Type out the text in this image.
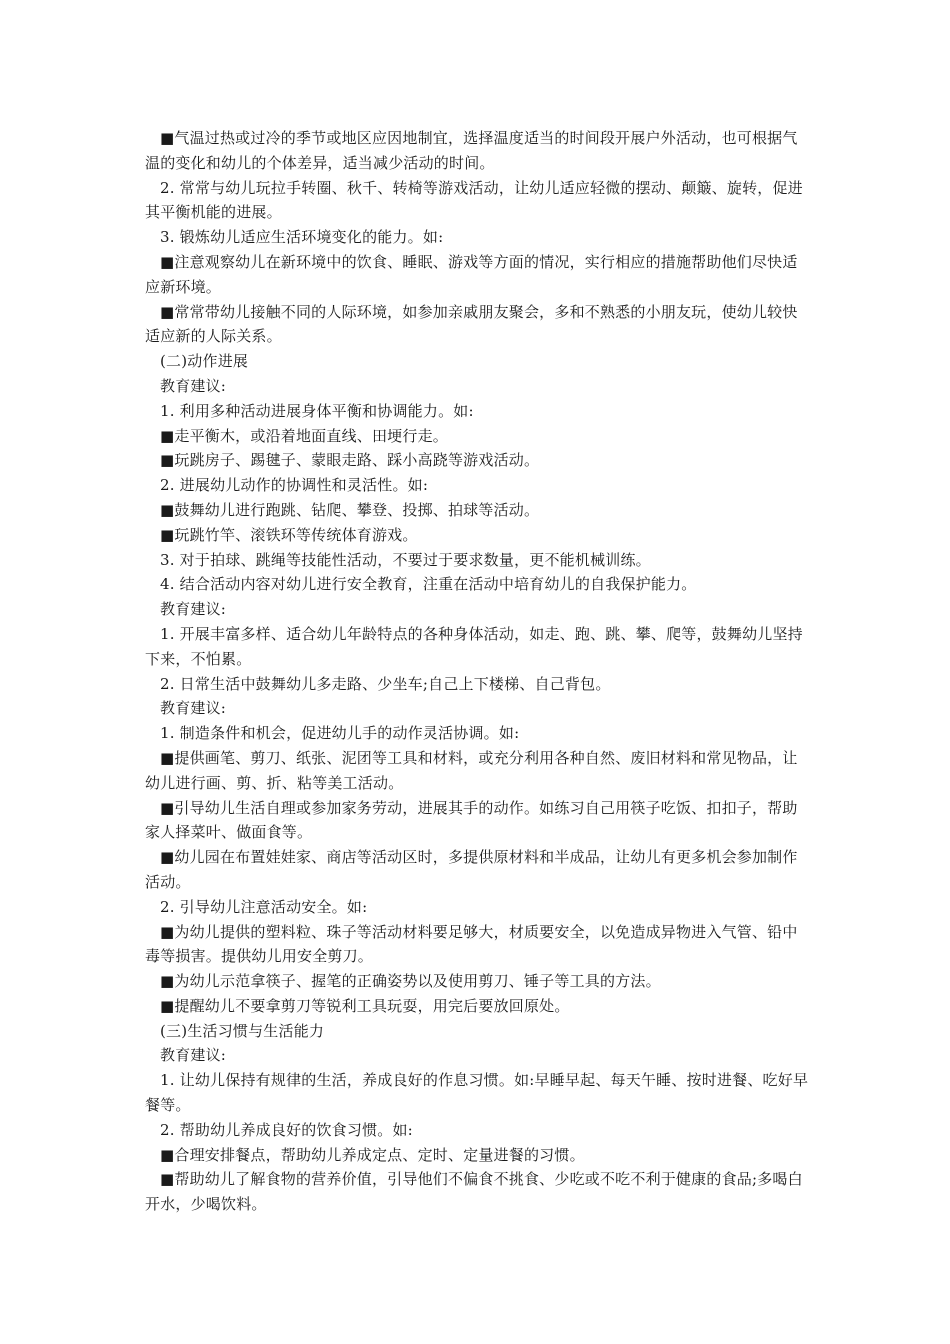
■气温过热或过冷的季节或地区应因地制宜，选择温度适当的时间段开展户外活动，也可根据气温的变化和幼儿的个体差异，适当减少活动的时间。

2. 常常与幼儿玩拉手转圈、秋千、转椅等游戏活动，让幼儿适应轻微的摆动、颠簸、旋转，促进其平衡机能的进展。

3. 锻炼幼儿适应生活环境变化的能力。如:

■注意观察幼儿在新环境中的饮食、睡眠、游戏等方面的情况，实行相应的措施帮助他们尽快适应新环境。

■常常带幼儿接触不同的人际环境，如参加亲戚朋友聚会，多和不熟悉的小朋友玩，使幼儿较快适应新的人际关系。

(二)动作进展

教育建议:

1. 利用多种活动进展身体平衡和协调能力。如:

■走平衡木，或沿着地面直线、田埂行走。

■玩跳房子、踢毽子、蒙眼走路、踩小高跷等游戏活动。

2. 进展幼儿动作的协调性和灵活性。如:

■鼓舞幼儿进行跑跳、钻爬、攀登、投掷、拍球等活动。

■玩跳竹竿、滚铁环等传统体育游戏。

3. 对于拍球、跳绳等技能性活动，不要过于要求数量，更不能机械训练。

4. 结合活动内容对幼儿进行安全教育，注重在活动中培育幼儿的自我保护能力。

教育建议:

1. 开展丰富多样、适合幼儿年龄特点的各种身体活动，如走、跑、跳、攀、爬等，鼓舞幼儿坚持下来，不怕累。

2. 日常生活中鼓舞幼儿多走路、少坐车;自己上下楼梯、自己背包。

教育建议:

1. 制造条件和机会，促进幼儿手的动作灵活协调。如:

■提供画笔、剪刀、纸张、泥团等工具和材料，或充分利用各种自然、废旧材料和常见物品，让幼儿进行画、剪、折、粘等美工活动。

■引导幼儿生活自理或参加家务劳动，进展其手的动作。如练习自己用筷子吃饭、扣扣子，帮助家人择菜叶、做面食等。

■幼儿园在布置娃娃家、商店等活动区时，多提供原材料和半成品，让幼儿有更多机会参加制作活动。

2. 引导幼儿注意活动安全。如:

■为幼儿提供的塑料粒、珠子等活动材料要足够大，材质要安全，以免造成异物进入气管、铅中毒等损害。提供幼儿用安全剪刀。

■为幼儿示范拿筷子、握笔的正确姿势以及使用剪刀、锤子等工具的方法。

■提醒幼儿不要拿剪刀等锐利工具玩耍，用完后要放回原处。

(三)生活习惯与生活能力

教育建议:

1. 让幼儿保持有规律的生活，养成良好的作息习惯。如:早睡早起、每天午睡、按时进餐、吃好早餐等。

2. 帮助幼儿养成良好的饮食习惯。如:

■合理安排餐点，帮助幼儿养成定点、定时、定量进餐的习惯。

■帮助幼儿了解食物的营养价值，引导他们不偏食不挑食、少吃或不吃不利于健康的食品;多喝白开水，少喝饮料。
